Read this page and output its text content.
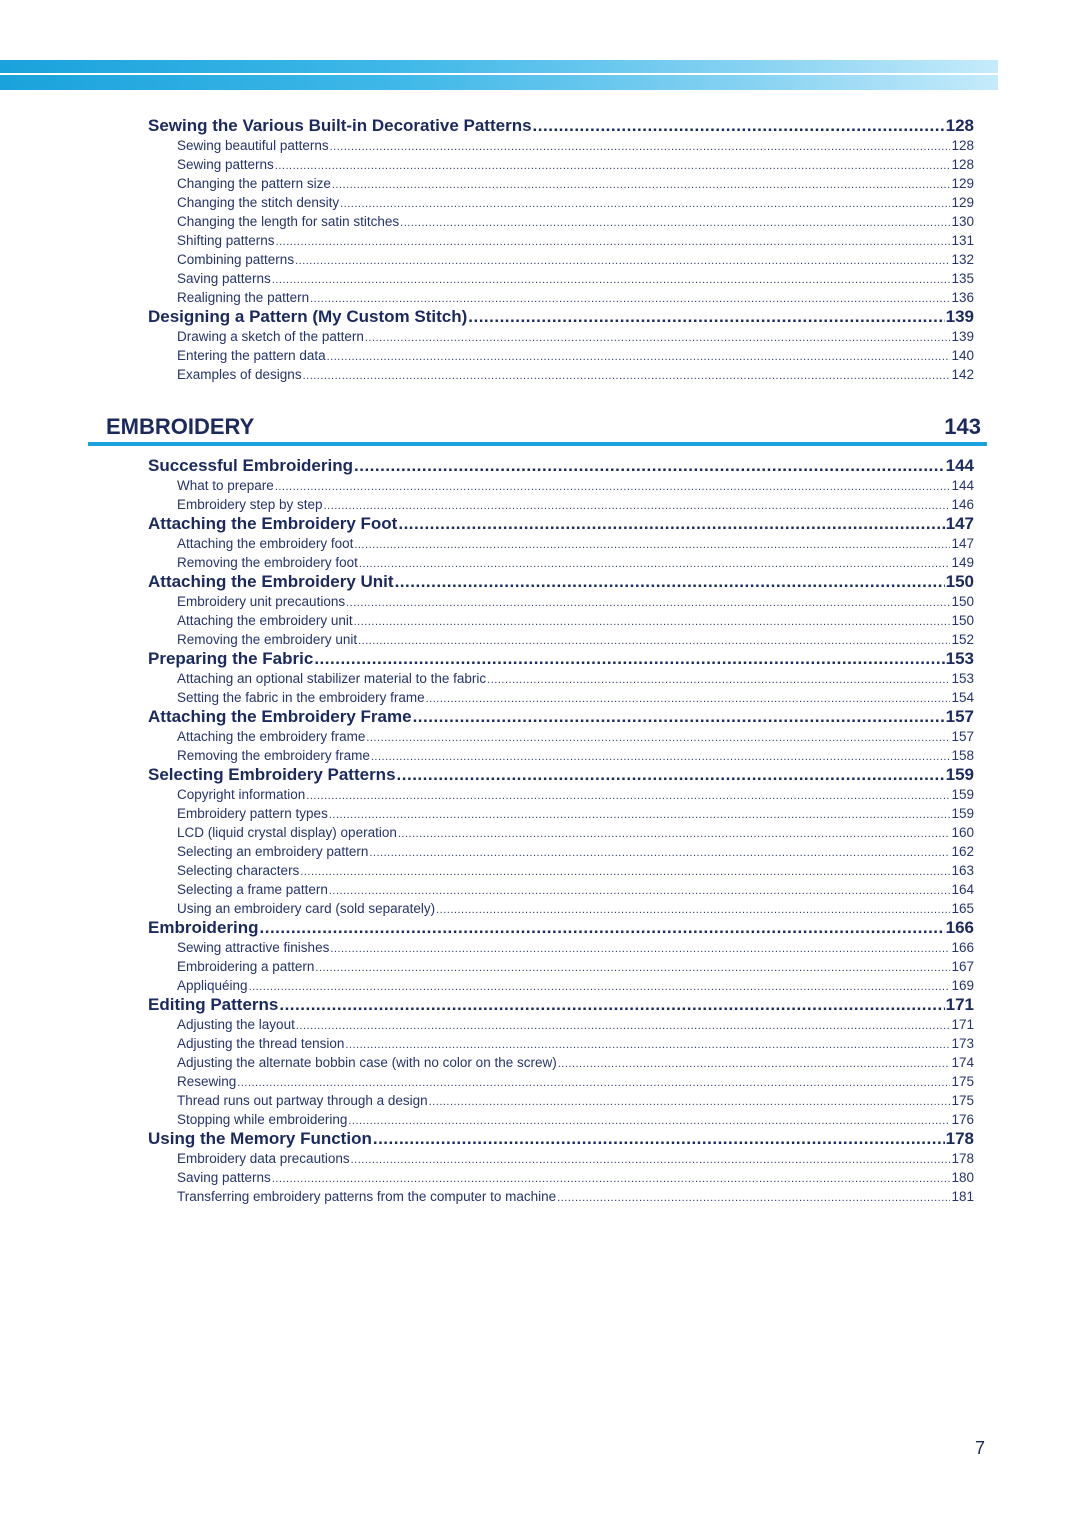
Sewing the Various Built-in Decorative Patterns .....	128
Sewing beautiful patterns .....	128
Sewing patterns .....	128
Changing the pattern size .....	129
Changing the stitch density .....	129
Changing the length for satin stitches .....	130
Shifting patterns .....	131
Combining patterns .....	132
Saving patterns .....	135
Realigning the pattern .....	136
Designing a Pattern (My Custom Stitch) .....	139
Drawing a sketch of the pattern .....	139
Entering the pattern data .....	140
Examples of designs .....	142
EMBROIDERY	143
Successful Embroidering .....	144
What to prepare .....	144
Embroidery step by step .....	146
Attaching the Embroidery Foot .....	147
Attaching the embroidery foot .....	147
Removing the embroidery foot .....	149
Attaching the Embroidery Unit .....	150
Embroidery unit precautions .....	150
Attaching the embroidery unit .....	150
Removing the embroidery unit .....	152
Preparing the Fabric .....	153
Attaching an optional stabilizer material to the fabric .....	153
Setting the fabric in the embroidery frame .....	154
Attaching the Embroidery Frame .....	157
Attaching the embroidery frame .....	157
Removing the embroidery frame .....	158
Selecting Embroidery Patterns .....	159
Copyright information .....	159
Embroidery pattern types .....	159
LCD (liquid crystal display) operation .....	160
Selecting an embroidery pattern .....	162
Selecting characters .....	163
Selecting a frame pattern .....	164
Using an embroidery card (sold separately) .....	165
Embroidering .....	166
Sewing attractive finishes .....	166
Embroidering a pattern .....	167
Appliquéing .....	169
Editing Patterns .....	171
Adjusting the layout .....	171
Adjusting the thread tension .....	173
Adjusting the alternate bobbin case (with no color on the screw) .....	174
Resewing .....	175
Thread runs out partway through a design .....	175
Stopping while embroidering .....	176
Using the Memory Function .....	178
Embroidery data precautions .....	178
Saving patterns .....	180
Transferring embroidery patterns from the computer to machine .....	181
7
